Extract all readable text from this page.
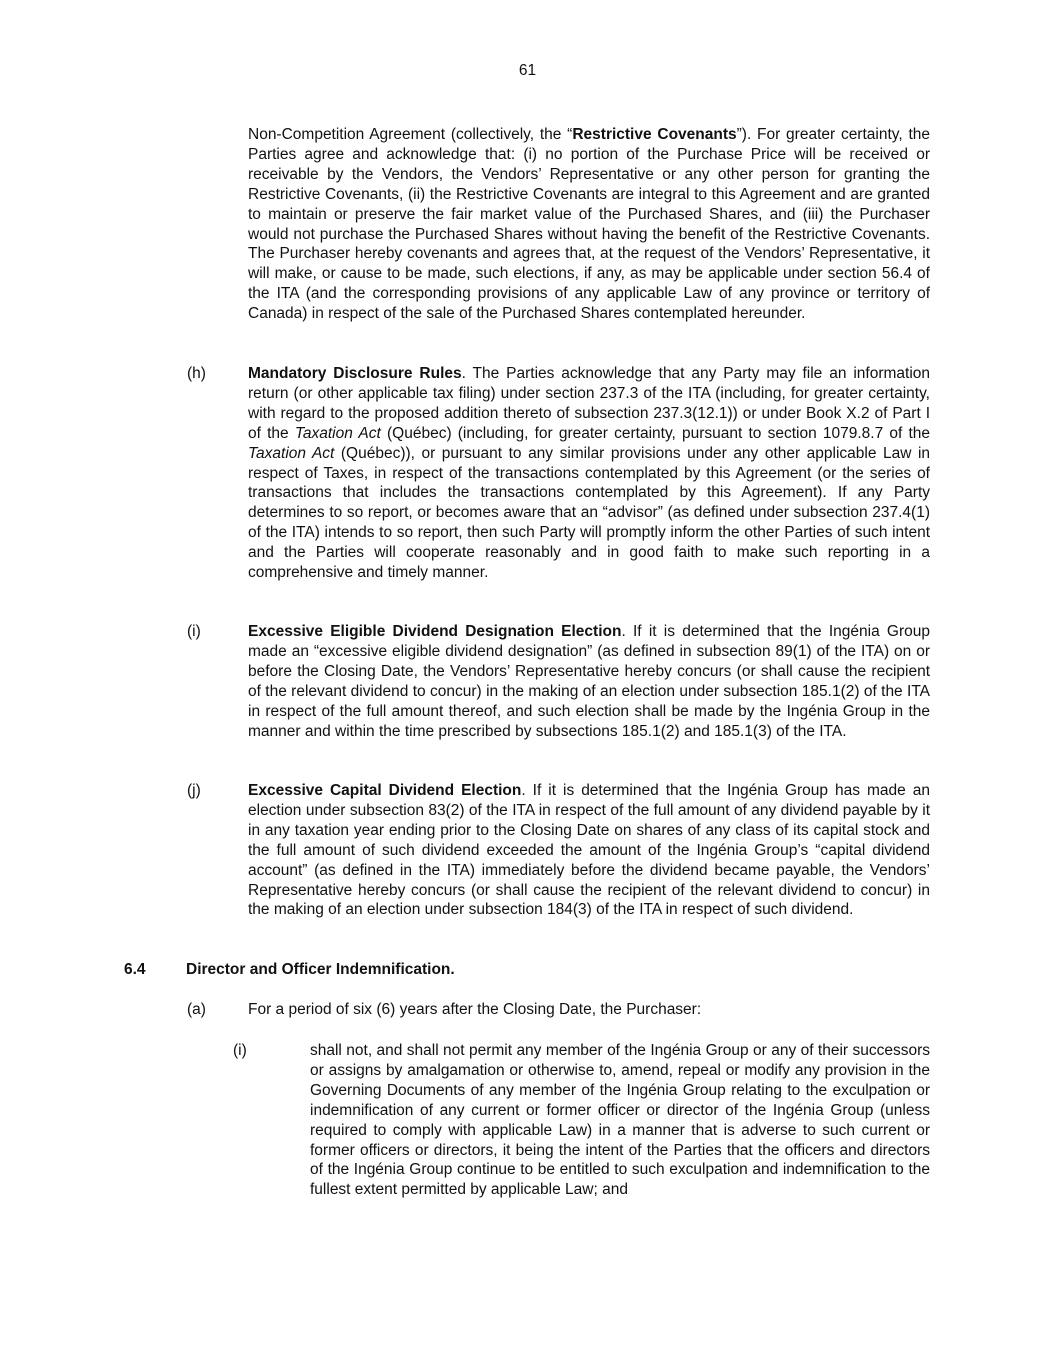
61

Non-Competition Agreement (collectively, the “Restrictive Covenants”). For greater certainty, the Parties agree and acknowledge that: (i) no portion of the Purchase Price will be received or receivable by the Vendors, the Vendors’ Representative or any other person for granting the Restrictive Covenants, (ii) the Restrictive Covenants are integral to this Agreement and are granted to maintain or preserve the fair market value of the Purchased Shares, and (iii) the Purchaser would not purchase the Purchased Shares without having the benefit of the Restrictive Covenants. The Purchaser hereby covenants and agrees that, at the request of the Vendors’ Representative, it will make, or cause to be made, such elections, if any, as may be applicable under section 56.4 of the ITA (and the corresponding provisions of any applicable Law of any province or territory of Canada) in respect of the sale of the Purchased Shares contemplated hereunder.

(h)	Mandatory Disclosure Rules. The Parties acknowledge that any Party may file an information return (or other applicable tax filing) under section 237.3 of the ITA (including, for greater certainty, with regard to the proposed addition thereto of subsection 237.3(12.1)) or under Book X.2 of Part I of the Taxation Act (Québec) (including, for greater certainty, pursuant to section 1079.8.7 of the Taxation Act (Québec)), or pursuant to any similar provisions under any other applicable Law in respect of Taxes, in respect of the transactions contemplated by this Agreement (or the series of transactions that includes the transactions contemplated by this Agreement). If any Party determines to so report, or becomes aware that an “advisor” (as defined under subsection 237.4(1) of the ITA) intends to so report, then such Party will promptly inform the other Parties of such intent and the Parties will cooperate reasonably and in good faith to make such reporting in a comprehensive and timely manner.

(i)	Excessive Eligible Dividend Designation Election. If it is determined that the Ingénia Group made an “excessive eligible dividend designation” (as defined in subsection 89(1) of the ITA) on or before the Closing Date, the Vendors’ Representative hereby concurs (or shall cause the recipient of the relevant dividend to concur) in the making of an election under subsection 185.1(2) of the ITA in respect of the full amount thereof, and such election shall be made by the Ingénia Group in the manner and within the time prescribed by subsections 185.1(2) and 185.1(3) of the ITA.

(j)	Excessive Capital Dividend Election. If it is determined that the Ingénia Group has made an election under subsection 83(2) of the ITA in respect of the full amount of any dividend payable by it in any taxation year ending prior to the Closing Date on shares of any class of its capital stock and the full amount of such dividend exceeded the amount of the Ingénia Group’s “capital dividend account” (as defined in the ITA) immediately before the dividend became payable, the Vendors’ Representative hereby concurs (or shall cause the recipient of the relevant dividend to concur) in the making of an election under subsection 184(3) of the ITA in respect of such dividend.

6.4	Director and Officer Indemnification.
(a)	For a period of six (6) years after the Closing Date, the Purchaser:

(i)	shall not, and shall not permit any member of the Ingénia Group or any of their successors or assigns by amalgamation or otherwise to, amend, repeal or modify any provision in the Governing Documents of any member of the Ingénia Group relating to the exculpation or indemnification of any current or former officer or director of the Ingénia Group (unless required to comply with applicable Law) in a manner that is adverse to such current or former officers or directors, it being the intent of the Parties that the officers and directors of the Ingénia Group continue to be entitled to such exculpation and indemnification to the fullest extent permitted by applicable Law; and
